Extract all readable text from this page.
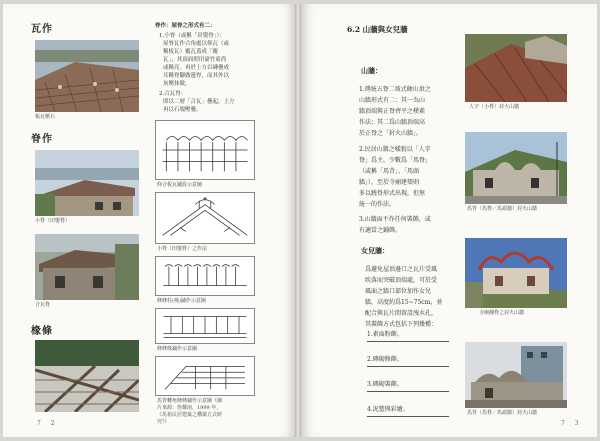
瓦作
板瓦壓石
脊作
小脊（田嬰脊）
合瓦脊
椽條
7 2
脊作：屋脊之形式有二：
1.小脊（或稱「田嬰脊」）：
屋脊瓦作合角處以仰瓦（或
稱板瓦）覆瓦蓋成「覆
瓦」，其頂面則用臺竹東尚
或稱亮。再於上方以磚疊成
耳稱脊腳做邊脊，而其外以
灰壓抹做。
2.合瓦脊：
即以二層「合瓦」疊起，上方
再以石塊壓疊。
仰合板瓦鋪設示意圖
小脊（田嬰脊）之作法
條條柱(椽)鋪作示意圖
條條椽鋪作示意圖
馬背轉角條條鋪作示意圖（圖
片來源：詹耀南，1999 年，
《馬祖民居建築之構築方式研
究》）
6.2 山牆與女兒牆
山牆：
1.傳統五脊二坡式硬山頂之
山牆形式有二：其一為山
牆頂端與正脊齊平之樸素
作法；其二爲山牆頂端高
於正脊之「封火山牆」。
2.民居山牆之樣貌以「人字
脊」爲主，少數爲「馬脊」
（或稱「馬背」、「馬頭
牆」），至於寺廟建築則
多以蹺脊形式出現，但無
統一的作法。
3.山牆面不作任何裝飾，或
有適當之鋪飾。
女兒牆：
爲避免屋頂邊口之瓦片受風
吹落而突破頂端處，可於受
風面之牆口部位加作女兒
牆，高度約爲15~75cm，並
配合與瓦片間留設洩水孔，
其裝飾方式包括下列幾種：
1.素面粉飾。
2.磚砌修飾。
3.磚砌裝飾。
4.泥塑與彩繪。
人字（小脊）封火山牆
馬背（馬脊／馬頭牆）封火山牆
寺廟翹脊之封火山牆
馬背（馬脊／馬頭牆）封火山牆
7 3
